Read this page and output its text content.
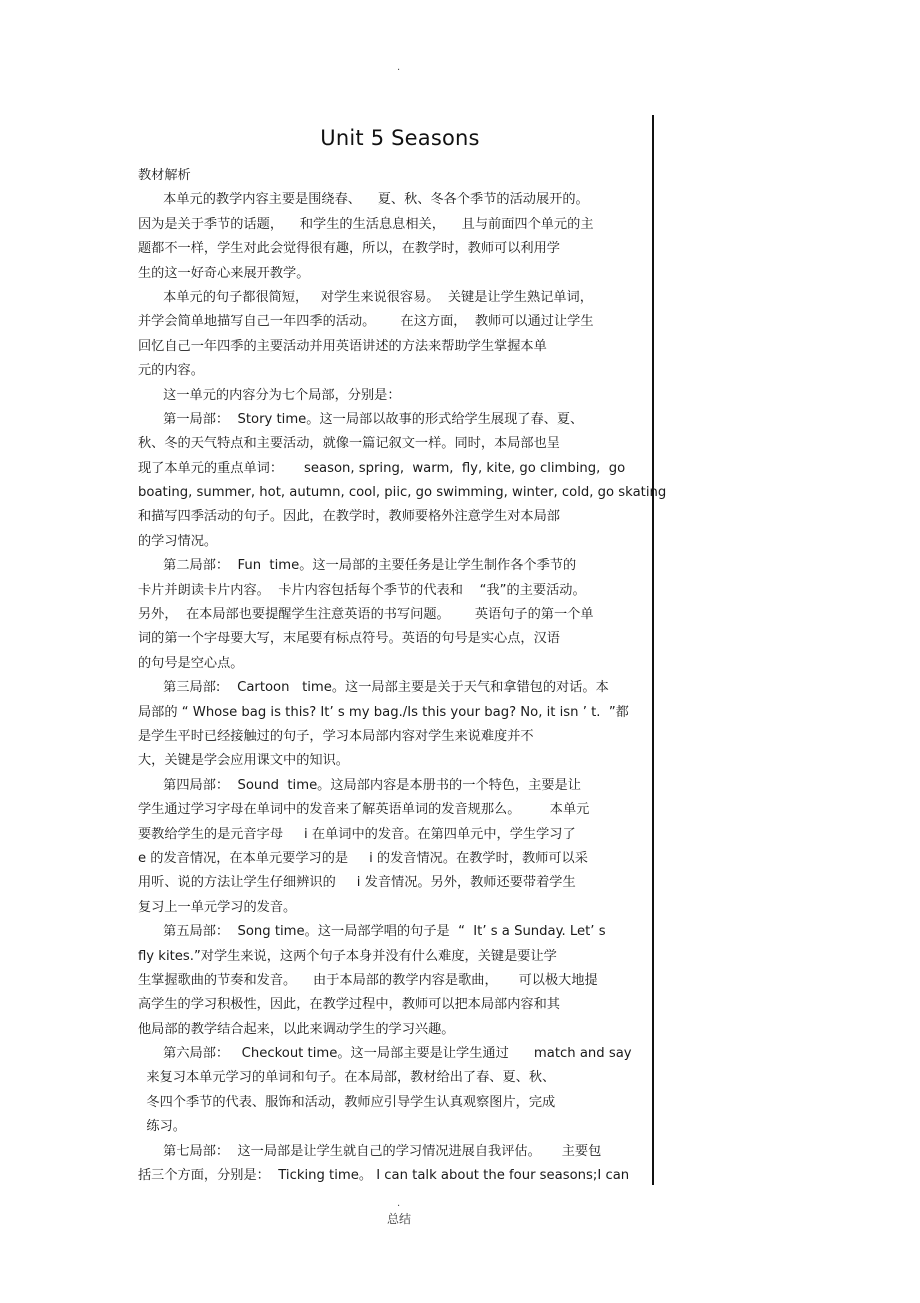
.
Unit 5 Seasons
教材解析
本单元的教学内容主要是围绕春、    夏、秋、冬各个季节的活动展开的。
因为是关于季节的话题，    和学生的生活息息相关，    且与前面四个单元的主
题都不一样，学生对此会觉得很有趣，所以，在教学时，教师可以利用学
生的这一好奇心来展开教学。
本单元的句子都很简短，   对学生来说很容易。  关键是让学生熟记单词，
并学会简单地描写自己一年四季的活动。      在这方面，  教师可以通过让学生
回忆自己一年四季的主要活动并用英语讲述的方法来帮助学生掌握本单
元的内容。
这一单元的内容分为七个局部，分别是：
第一局部：  Story time。这一局部以故事的形式给学生展现了春、夏、
秋、冬的天气特点和主要活动，就像一篇记叙文一样。同时，本局部也呈
现了本单元的重点单词：     season, spring,  warm,  fly, kite, go climbing,  go
boating, summer, hot, autumn, cool, piic, go swimming, winter, cold, go skating
和描写四季活动的句子。因此，在教学时，教师要格外注意学生对本局部
的学习情况。
第二局部：  Fun  time。这一局部的主要任务是让学生制作各个季节的
卡片并朗读卡片内容。  卡片内容包括每个季节的代表和    “我”的主要活动。
另外，  在本局部也要提醒学生注意英语的书写问题。      英语句子的第一个单
词的第一个字母要大写，末尾要有标点符号。英语的句号是实心点，汉语
的句号是空心点。
第三局部:    Cartoon   time。这一局部主要是关于天气和拿错包的对话。本
局部的 “ Whose bag is this? It’ s my bag./Is this your bag? No, it isn ’ t.  ”都
是学生平时已经接触过的句子，学习本局部内容对学生来说难度并不
大，关键是学会应用课文中的知识。
第四局部：  Sound  time。这局部内容是本册书的一个特色，主要是让
学生通过学习字母在单词中的发音来了解英语单词的发音规那么。       本单元
要教给学生的是元音字母     i 在单词中的发音。在第四单元中，学生学习了
e 的发音情况，在本单元要学习的是     i 的发音情况。在教学时，教师可以采
用听、说的方法让学生仔细辨识的     i 发音情况。另外，教师还要带着学生
复习上一单元学习的发音。
第五局部：  Song time。这一局部学唱的句子是  “  It’ s a Sunday. Let’ s
fly kites.”对学生来说，这两个句子本身并没有什么难度，关键是要让学
生掌握歌曲的节奏和发音。    由于本局部的教学内容是歌曲，     可以极大地提
高学生的学习积极性，因此，在教学过程中，教师可以把本局部内容和其
他局部的教学结合起来，以此来调动学生的学习兴趣。
第六局部：   Checkout time。这一局部主要是让学生通过      match and say
来复习本单元学习的单词和句子。在本局部，教材给出了春、夏、秋、
冬四个季节的代表、服饰和活动，教师应引导学生认真观察图片，完成
练习。
第七局部：  这一局部是让学生就自己的学习情况进展自我评估。     主要包
括三个方面，分别是：  Ticking time。 I can talk about the four seasons;I can
.
总结
